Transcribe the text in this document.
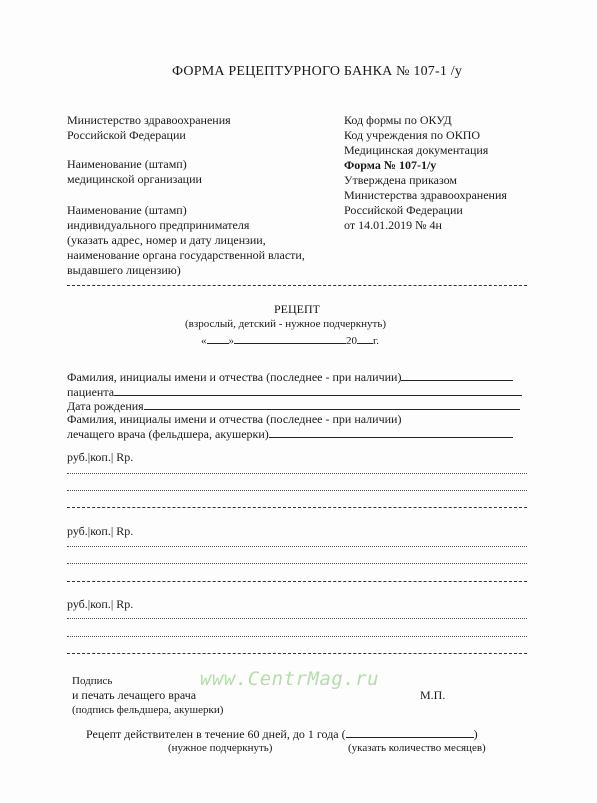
ФОРМА РЕЦЕПТУРНОГО БАНКА № 107-1 /у
Министерство здравоохранения
Российской Федерации
Наименование (штамп)
медицинской организации
Наименование (штамп)
индивидуального предпринимателя
(указать адрес, номер и дату лицензии,
наименование органа государственной власти,
выдавшего лицензию)
Код формы по ОКУД
Код учреждения по ОКПО
Медицинская документация
Форма № 107-1/у
Утверждена приказом
Министерства здравоохранения
Российской Федерации
от 14.01.2019 № 4н
РЕЦЕПТ
(взрослый, детский - нужное подчеркнуть)
« »	20 г.
Фамилия, инициалы имени и отчества (последнее - при наличии)
пациента
Дата рождения
Фамилия, инициалы имени и отчества (последнее - при наличии)
лечащего врача (фельдшера, акушерки)
руб.|коп.| Rp.
руб.|коп.| Rp.
руб.|коп.| Rp.
Подпись
и печать лечащего врача
(подпись фельдшера, акушерки)
М.П.
www.CentrMag.ru
Рецепт действителен в течение 60 дней, до 1 года (	)
(нужное подчеркнуть)	(указать количество месяцев)
